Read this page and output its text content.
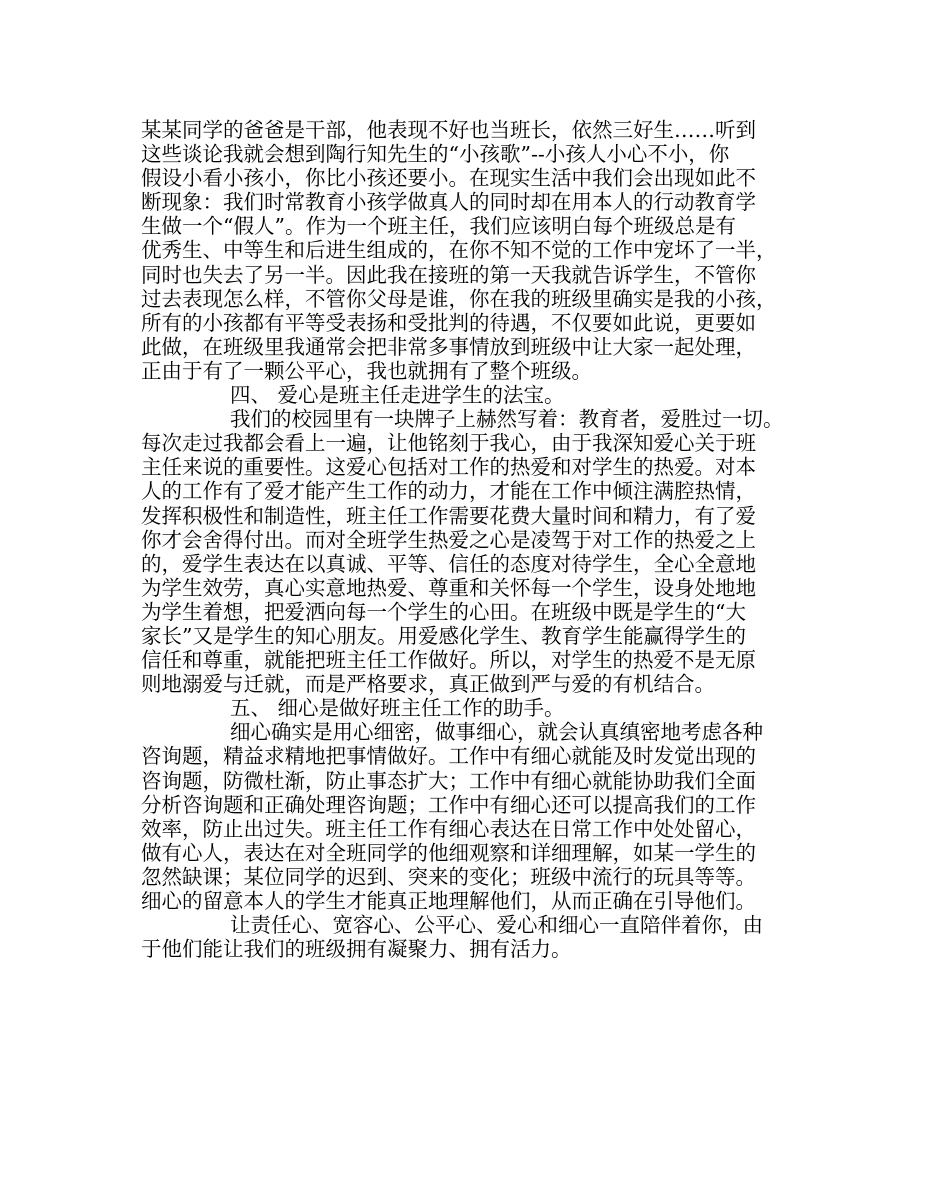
某某同学的爸爸是干部，他表现不好也当班长，依然三好生……听到
这些谈论我就会想到陶行知先生的“小孩歌”--小孩人小心不小，你
假设小看小孩小，你比小孩还要小。在现实生活中我们会出现如此不
断现象：我们时常教育小孩学做真人的同时却在用本人的行动教育学
生做一个“假人”。作为一个班主任，我们应该明白每个班级总是有
优秀生、中等生和后进生组成的，在你不知不觉的工作中宠坏了一半，
同时也失去了另一半。因此我在接班的第一天我就告诉学生，不管你
过去表现怎么样，不管你父母是谁，你在我的班级里确实是我的小孩，
所有的小孩都有平等受表扬和受批判的待遇，不仅要如此说，更要如
此做，在班级里我通常会把非常多事情放到班级中让大家一起处理，
正由于有了一颗公平心，我也就拥有了整个班级。
四、 爱心是班主任走进学生的法宝。
我们的校园里有一块牌子上赫然写着：教育者，爱胜过一切。
每次走过我都会看上一遍，让他铭刻于我心，由于我深知爱心关于班
主任来说的重要性。这爱心包括对工作的热爱和对学生的热爱。对本
人的工作有了爱才能产生工作的动力，才能在工作中倾注满腔热情，
发挥积极性和制造性，班主任工作需要花费大量时间和精力，有了爱
你才会舍得付出。而对全班学生热爱之心是凌驾于对工作的热爱之上
的，爱学生表达在以真诚、平等、信任的态度对待学生，全心全意地
为学生效劳，真心实意地热爱、尊重和关怀每一个学生，设身处地地
为学生着想，把爱洒向每一个学生的心田。在班级中既是学生的“大
家长”又是学生的知心朋友。用爱感化学生、教育学生能赢得学生的
信任和尊重，就能把班主任工作做好。所以，对学生的热爱不是无原
则地溺爱与迁就，而是严格要求，真正做到严与爱的有机结合。
五、 细心是做好班主任工作的助手。
细心确实是用心细密，做事细心，就会认真缜密地考虑各种
咨询题，精益求精地把事情做好。工作中有细心就能及时发觉出现的
咨询题，防微杜渐，防止事态扩大；工作中有细心就能协助我们全面
分析咨询题和正确处理咨询题；工作中有细心还可以提高我们的工作
效率，防止出过失。班主任工作有细心表达在日常工作中处处留心，
做有心人，表达在对全班同学的他细观察和详细理解，如某一学生的
忽然缺课；某位同学的迟到、突来的变化；班级中流行的玩具等等。
细心的留意本人的学生才能真正地理解他们，从而正确在引导他们。
让责任心、宽容心、公平心、爱心和细心一直陪伴着你，由
于他们能让我们的班级拥有凝聚力、拥有活力。
